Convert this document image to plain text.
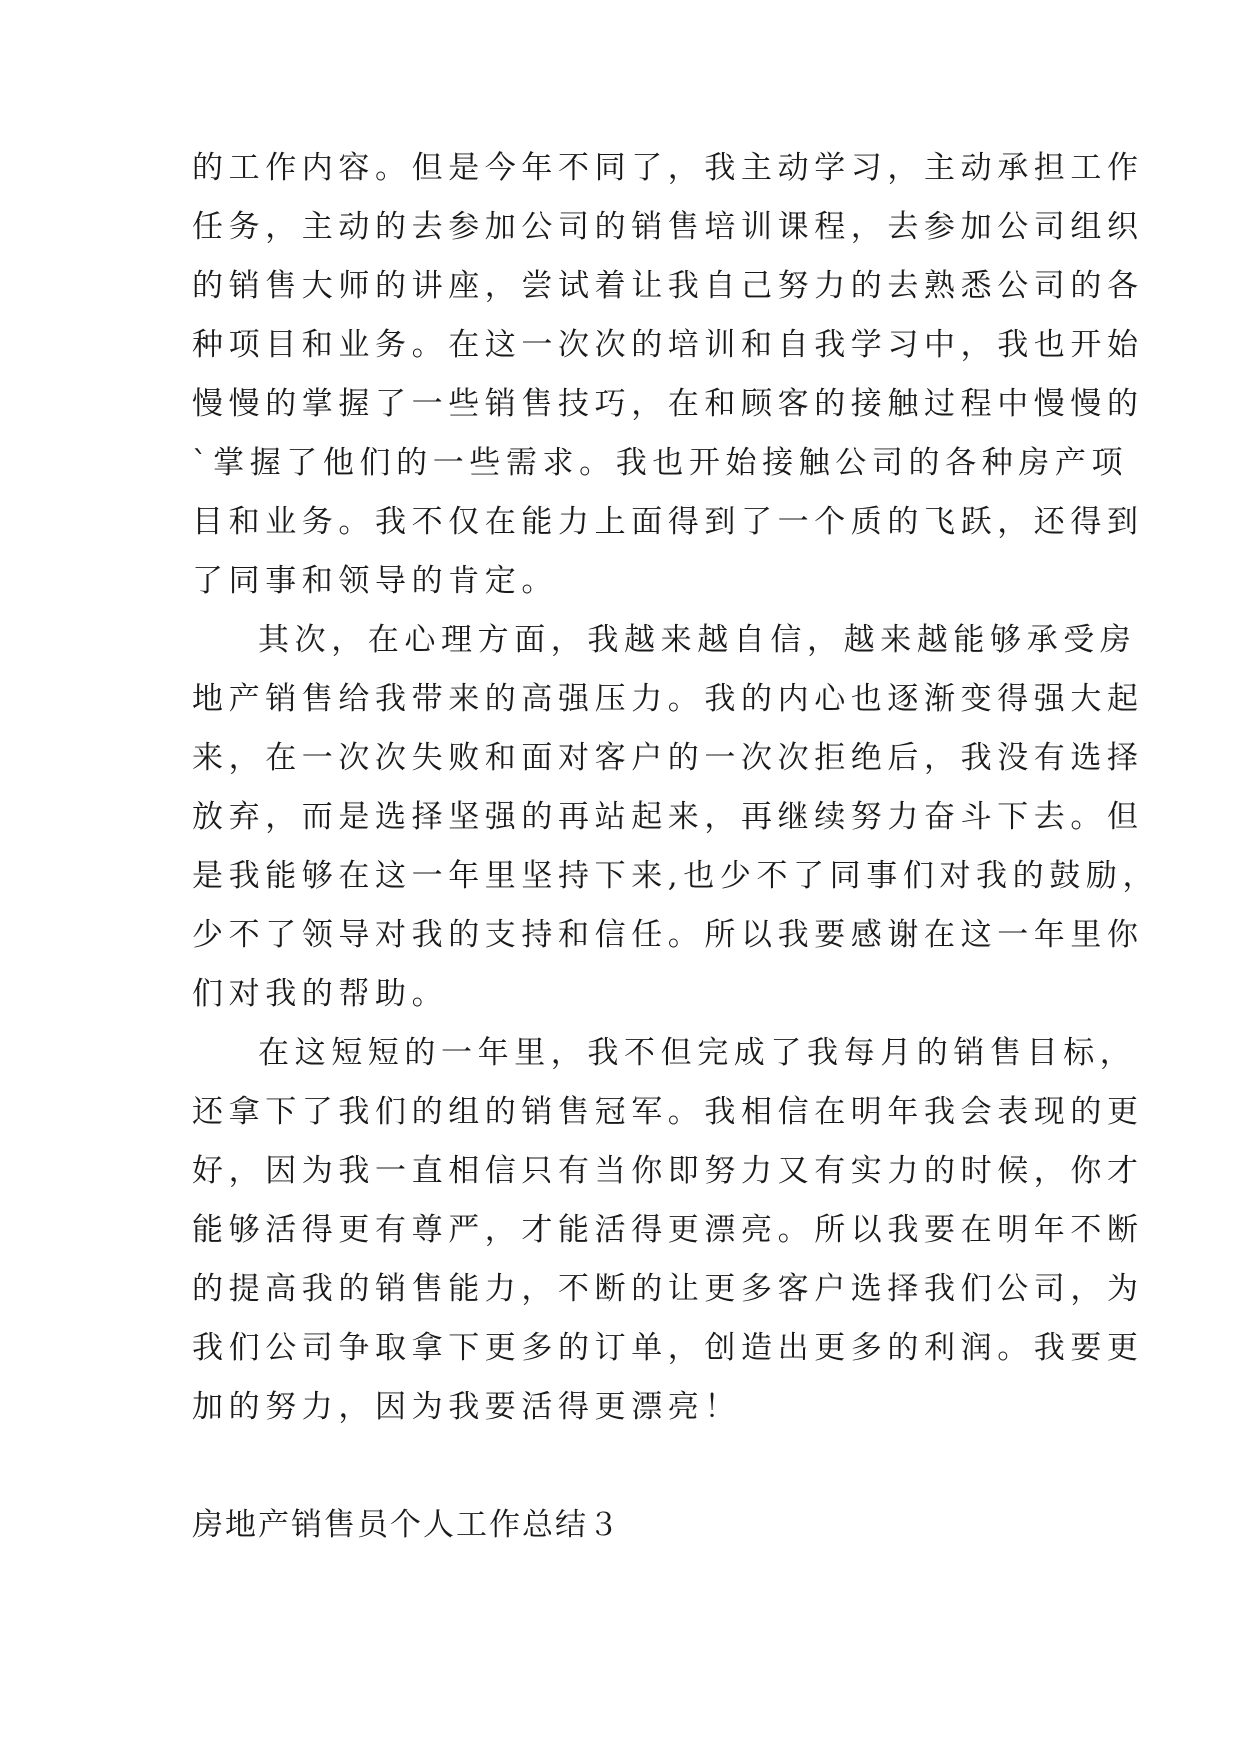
的工作内容。但是今年不同了，我主动学习，主动承担工作
任务，主动的去参加公司的销售培训课程，去参加公司组织
的销售大师的讲座，尝试着让我自己努力的去熟悉公司的各
种项目和业务。在这一次次的培训和自我学习中，我也开始
慢慢的掌握了一些销售技巧，在和顾客的接触过程中慢慢的
`掌握了他们的一些需求。我也开始接触公司的各种房产项
目和业务。我不仅在能力上面得到了一个质的飞跃，还得到
了同事和领导的肯定。
其次，在心理方面，我越来越自信，越来越能够承受房
地产销售给我带来的高强压力。我的内心也逐渐变得强大起
来，在一次次失败和面对客户的一次次拒绝后，我没有选择
放弃，而是选择坚强的再站起来，再继续努力奋斗下去。但
是我能够在这一年里坚持下来,也少不了同事们对我的鼓励，
少不了领导对我的支持和信任。所以我要感谢在这一年里你
们对我的帮助。
在这短短的一年里，我不但完成了我每月的销售目标，
还拿下了我们的组的销售冠军。我相信在明年我会表现的更
好，因为我一直相信只有当你即努力又有实力的时候，你才
能够活得更有尊严，才能活得更漂亮。所以我要在明年不断
的提高我的销售能力，不断的让更多客户选择我们公司，为
我们公司争取拿下更多的订单，创造出更多的利润。我要更
加的努力，因为我要活得更漂亮！
房地产销售员个人工作总结３
